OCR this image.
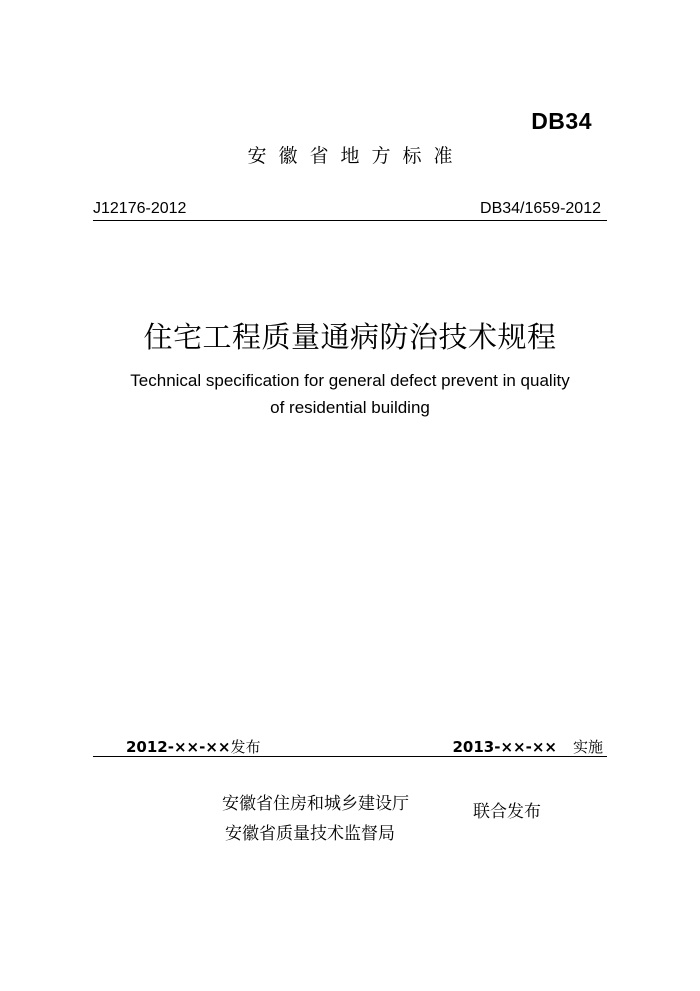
DB34
安徽省地方标准
J12176-2012	DB34/1659-2012
住宅工程质量通病防治技术规程
Technical specification for general defect prevent in quality
of residential building
2012-××-××发布	2013-××-×× 实施
安徽省住房和城乡建设厅
安徽省质量技术监督局
联合发布
